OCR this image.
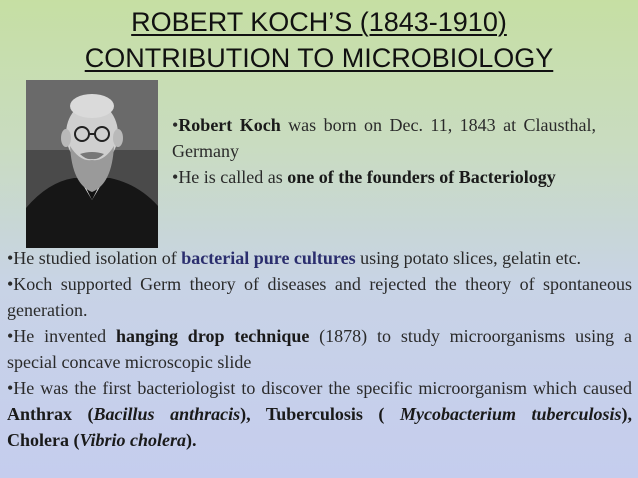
ROBERT KOCH’S (1843-1910)
CONTRIBUTION TO MICROBIOLOGY

•Robert Koch was born on Dec. 11, 1843 at Clausthal, Germany

•He is called as one of the founders of Bacteriology

•He studied isolation of bacterial pure cultures using potato slices, gelatin etc.

•Koch supported Germ theory of diseases and rejected the theory of spontaneous generation.

•He invented hanging drop technique (1878) to study microorganisms using a special concave microscopic slide

•He was the first bacteriologist to discover the specific microorganism which caused Anthrax (Bacillus anthracis), Tuberculosis ( Mycobacterium tuberculosis), Cholera (Vibrio cholera).
